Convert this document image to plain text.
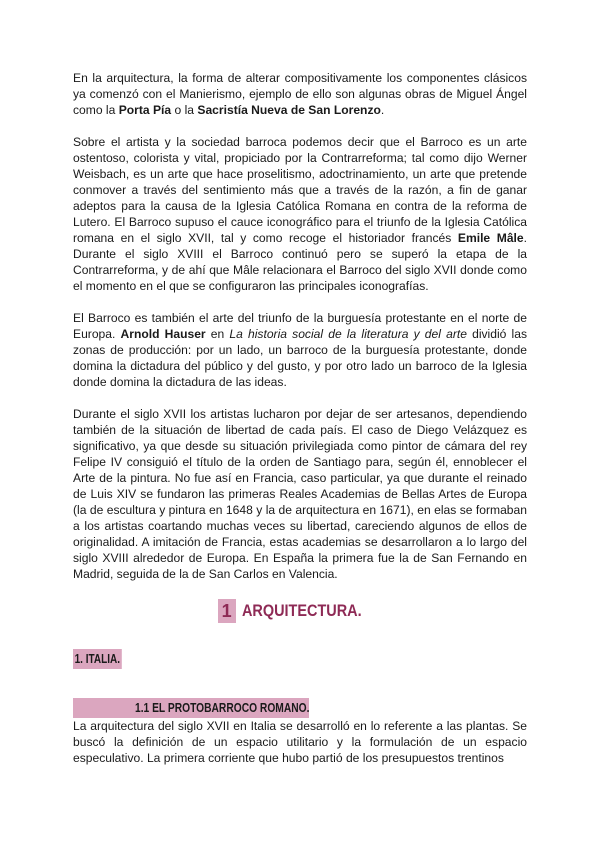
En la arquitectura, la forma de alterar compositivamente los componentes clásicos ya comenzó con el Manierismo, ejemplo de ello son algunas obras de Miguel Ángel como la Porta Pía o la Sacristía Nueva de San Lorenzo.

Sobre el artista y la sociedad barroca podemos decir que el Barroco es un arte ostentoso, colorista y vital, propiciado por la Contrarreforma; tal como dijo Werner Weisbach, es un arte que hace proselitismo, adoctrinamiento, un arte que pretende conmover a través del sentimiento más que a través de la razón, a fin de ganar adeptos para la causa de la Iglesia Católica Romana en contra de la reforma de Lutero. El Barroco supuso el cauce iconográfico para el triunfo de la Iglesia Católica romana en el siglo XVII, tal y como recoge el historiador francés Emile Mâle. Durante el siglo XVIII el Barroco continuó pero se superó la etapa de la Contrarreforma, y de ahí que Mâle relacionara el Barroco del siglo XVII donde como el momento en el que se configuraron las principales iconografías.

El Barroco es también el arte del triunfo de la burguesía protestante en el norte de Europa. Arnold Hauser en La historia social de la literatura y del arte dividió las zonas de producción: por un lado, un barroco de la burguesía protestante, donde domina la dictadura del público y del gusto, y por otro lado un barroco de la Iglesia donde domina la dictadura de las ideas.

Durante el siglo XVII los artistas lucharon por dejar de ser artesanos, dependiendo también de la situación de libertad de cada país. El caso de Diego Velázquez es significativo, ya que desde su situación privilegiada como pintor de cámara del rey Felipe IV consiguió el título de la orden de Santiago para, según él, ennoblecer el Arte de la pintura. No fue así en Francia, caso particular, ya que durante el reinado de Luis XIV se fundaron las primeras Reales Academias de Bellas Artes de Europa (la de escultura y pintura en 1648 y la de arquitectura en 1671), en elas se formaban a los artistas coartando muchas veces su libertad, careciendo algunos de ellos de originalidad. A imitación de Francia, estas academias se desarrollaron a lo largo del siglo XVIII alrededor de Europa. En España la primera fue la de San Fernando en Madrid, seguida de la de San Carlos en Valencia.

1 ARQUITECTURA.
1. ITALIA.
1.1 EL PROTOBARROCO ROMANO.

La arquitectura del siglo XVII en Italia se desarrolló en lo referente a las plantas. Se buscó la definición de un espacio utilitario y la formulación de un espacio especulativo. La primera corriente que hubo partió de los presupuestos trentinos
